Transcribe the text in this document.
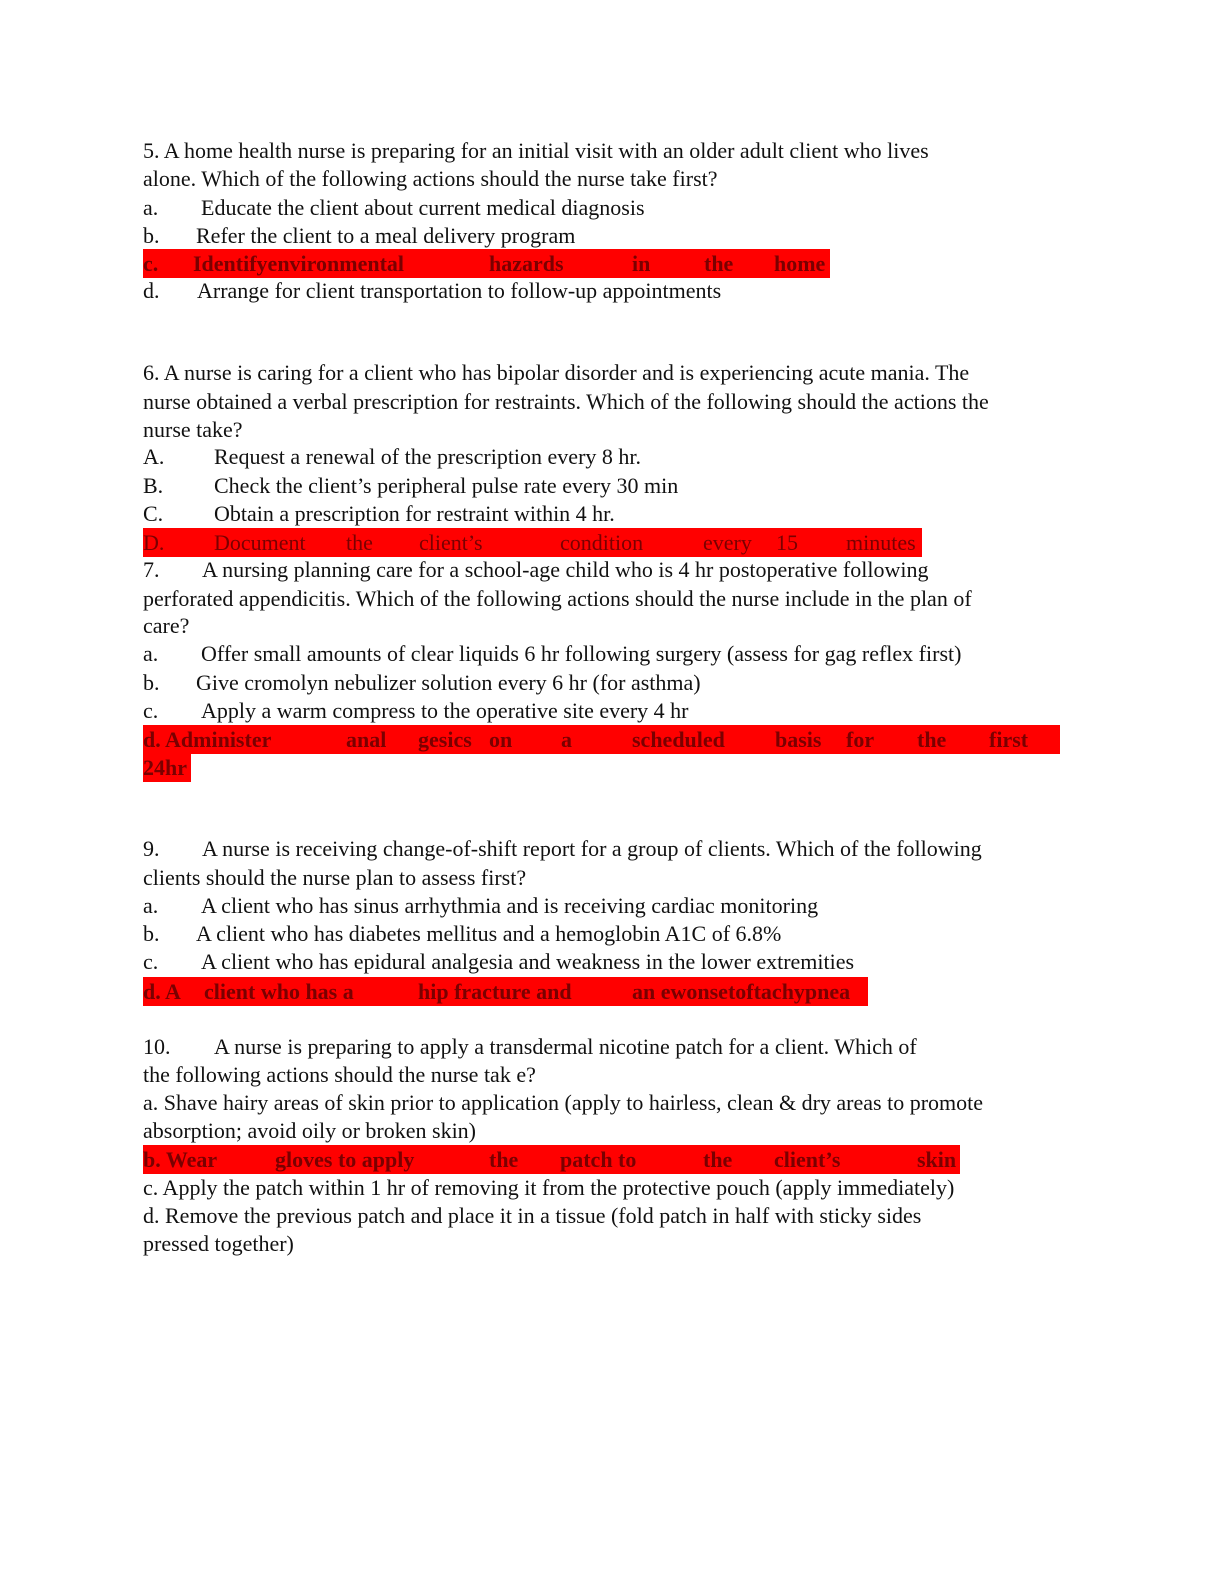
5. A home health nurse is preparing for an initial visit with an older adult client who lives
alone. Which of the following actions should the nurse take first?
a. Educate the client about current medical diagnosis
b. Refer the client to a meal delivery program
c. Identifyenvironmental	hazards	in the home
d. Arrange for client transportation to follow-up appointments
6. A nurse is caring for a client who has bipolar disorder and is experiencing acute mania. The
nurse obtained a verbal prescription for restraints. Which of the following should the actions the
nurse take?
A. Request a renewal of the prescription every 8 hr.
B. Check the client’s peripheral pulse rate every 30 min
C. Obtain a prescription for restraint within 4 hr.
D. Document the client’s	condition	every 15 minutes
7. A nursing planning care for a school-age child who is 4 hr postoperative following
perforated appendicitis. Which of the following actions should the nurse include in the plan of
care?
a. Offer small amounts of clear liquids 6 hr following surgery (assess for gag reflex first)
b. Give cromolyn nebulizer solution every 6 hr (for asthma)
c. Apply a warm compress to the operative site every 4 hr
d. Administer	anal gesics on a	scheduled basis for the first
24hr
9. A nurse is receiving change-of-shift report for a group of clients. Which of the following
clients should the nurse plan to assess first?
a. A client who has sinus arrhythmia and is receiving cardiac monitoring
b. A client who has diabetes mellitus and a hemoglobin A1C of 6.8%
c. A client who has epidural analgesia and weakness in the lower extremities
d. A client who has a	hip fracture and	an ewonsetoftachypnea
10. A nurse is preparing to apply a transdermal nicotine patch for a client. Which of
the following actions should the nurse tak e?
a. Shave hairy areas of skin prior to application (apply to hairless, clean & dry areas to promote
absorption; avoid oily or broken skin)
b. Wear	gloves to apply	the patch to	the client’s	skin
c. Apply the patch within 1 hr of removing it from the protective pouch (apply immediately)
d. Remove the previous patch and place it in a tissue (fold patch in half with sticky sides
pressed together)
